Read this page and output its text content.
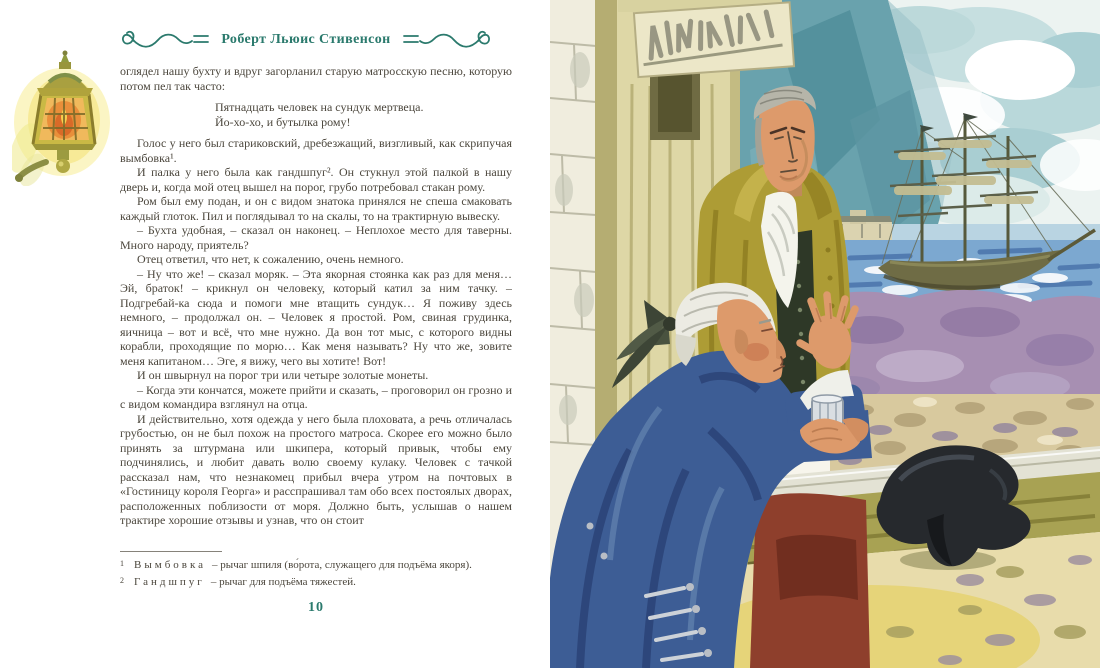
Роберт Льюис Стивенсон

оглядел нашу бухту и вдруг загорланил старую матросскую песню, которую потом пел так часто:

Пятнадцать человек на сундук мертвеца.
Йо-хо-хо, и бутылка рому!

Голос у него был стариковский, дребезжащий, визгливый, как скрипучая вымбовка¹.

И палка у него была как гандшпуг². Он стукнул этой палкой в нашу дверь и, когда мой отец вышел на порог, грубо потребовал стакан рому.

Ром был ему подан, и он с видом знатока принялся не спеша смаковать каждый глоток. Пил и поглядывал то на скалы, то на трактирную вывеску.

– Бухта удобная, – сказал он наконец. – Неплохое место для таверны. Много народу, приятель?

Отец ответил, что нет, к сожалению, очень немного.

– Ну что же! – сказал моряк. – Эта якорная стоянка как раз для меня… Эй, браток! – крикнул он человеку, который катил за ним тачку. – Подгребай-ка сюда и помоги мне втащить сундук… Я поживу здесь немного, – продолжал он. – Человек я простой. Ром, свиная грудинка, яичница – вот и всё, что мне нужно. Да вон тот мыс, с которого видны корабли, проходящие по морю… Как меня называть? Ну что же, зовите меня капитаном… Эге, я вижу, чего вы хотите! Вот!

И он швырнул на порог три или четыре золотые монеты.

– Когда эти кончатся, можете прийти и сказать, – проговорил он грозно и с видом командира взглянул на отца.

И действительно, хотя одежда у него была плоховата, а речь отличалась грубостью, он не был похож на простого матроса. Скорее его можно было принять за штурмана или шкипера, который привык, чтобы ему подчинялись, и любит давать волю своему кулаку. Человек с тачкой рассказал нам, что незнакомец прибыл вчера утром на почтовых в «Гостиницу короля Георга» и расспрашивал там обо всех постоялых дворах, расположенных поблизости от моря. Должно быть, услышав о нашем трактире хорошие отзывы и узнав, что он стоит

1 Вымбовка – рычаг шпиля (во́рота, служащего для подъёма якоря).
2 Гандшпуг – рычаг для подъёма тяжестей.
10
